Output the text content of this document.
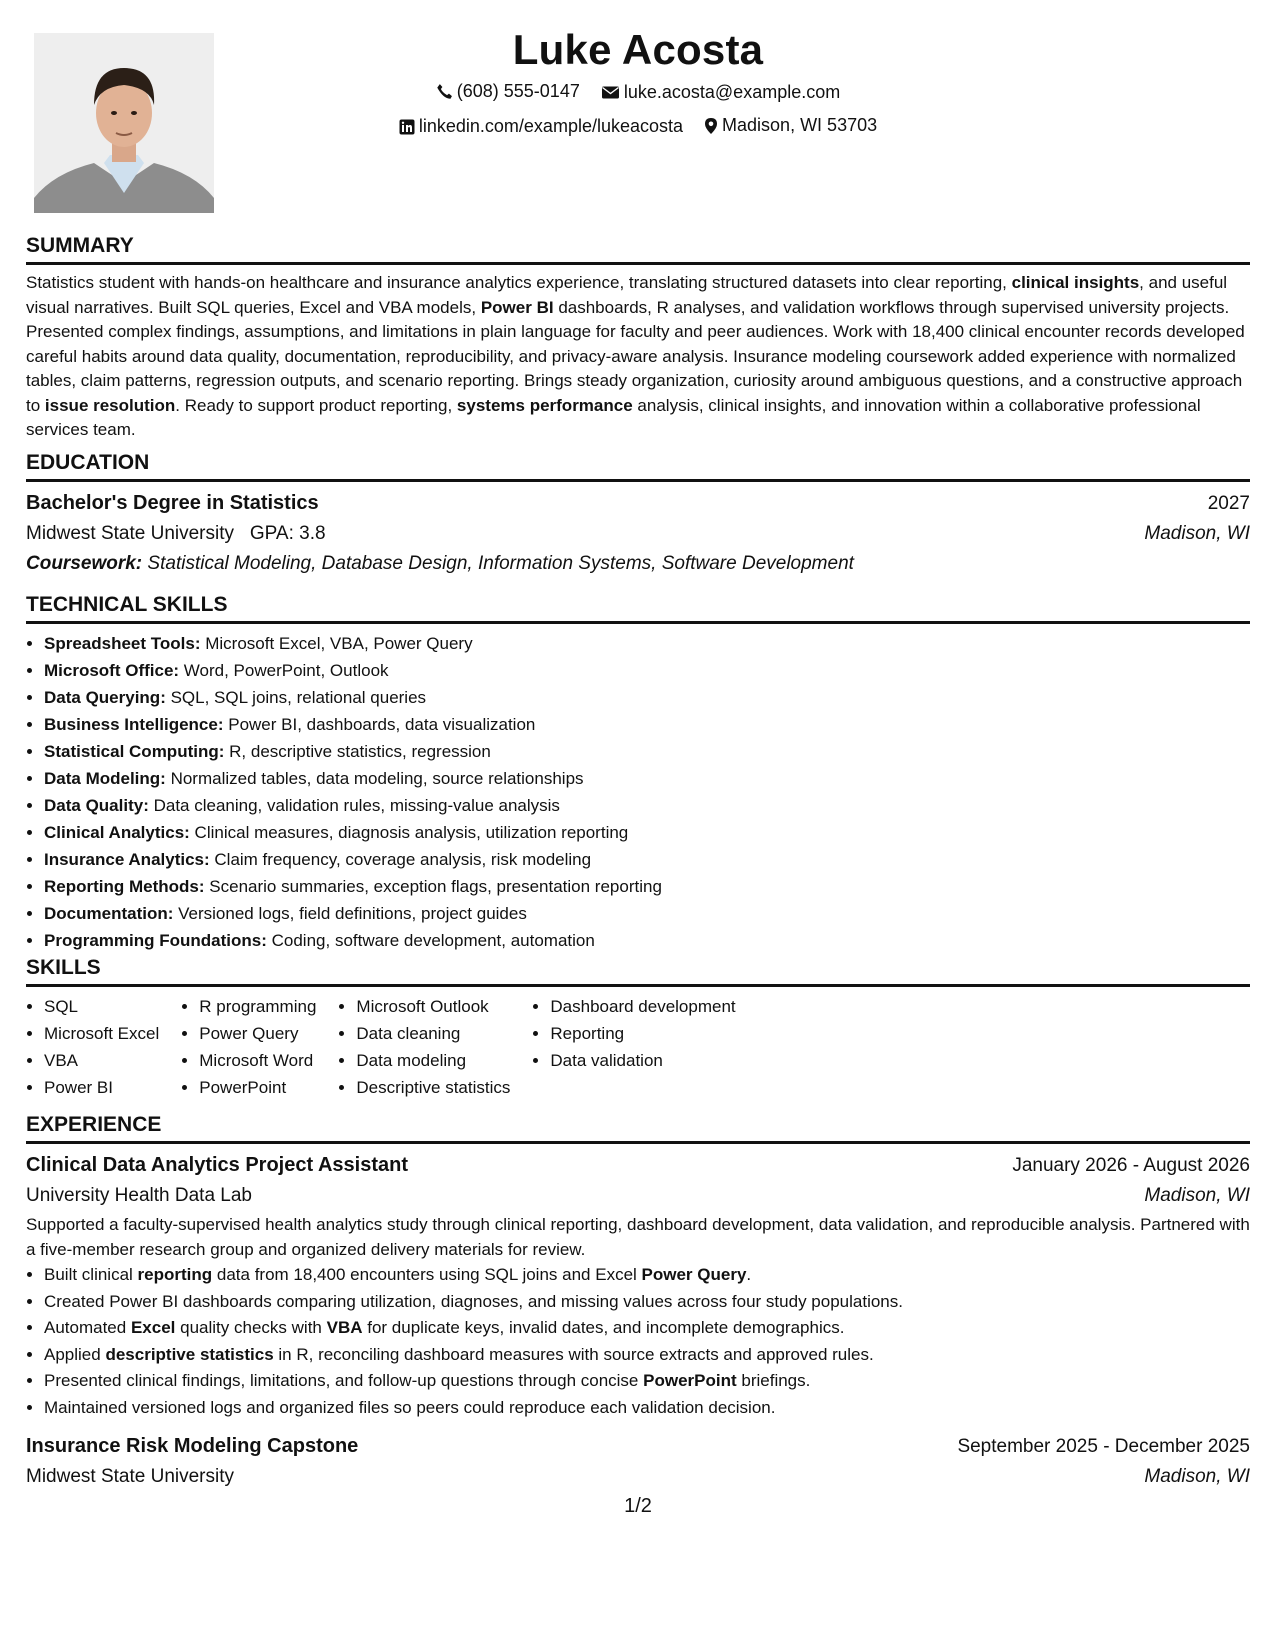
Luke Acosta
(608) 555-0147
luke.acosta@example.com
linkedin.com/example/lukeacosta
Madison, WI 53703
SUMMARY

Statistics student with hands-on healthcare and insurance analytics experience, translating structured datasets into clear reporting, clinical insights, and useful visual narratives. Built SQL queries, Excel and VBA models, Power BI dashboards, R analyses, and validation workflows through supervised university projects. Presented complex findings, assumptions, and limitations in plain language for faculty and peer audiences. Work with 18,400 clinical encounter records developed careful habits around data quality, documentation, reproducibility, and privacy-aware analysis. Insurance modeling coursework added experience with normalized tables, claim patterns, regression outputs, and scenario reporting. Brings steady organization, curiosity around ambiguous questions, and a constructive approach to issue resolution. Ready to support product reporting, systems performance analysis, clinical insights, and innovation within a collaborative professional services team.

EDUCATION
Bachelor's Degree in Statistics	2027
Midwest State University GPA: 3.8	Madison, WI
Coursework: Statistical Modeling, Database Design, Information Systems, Software Development
TECHNICAL SKILLS
• Spreadsheet Tools: Microsoft Excel, VBA, Power Query
• Microsoft Office: Word, PowerPoint, Outlook
• Data Querying: SQL, SQL joins, relational queries
• Business Intelligence: Power BI, dashboards, data visualization
• Statistical Computing: R, descriptive statistics, regression
• Data Modeling: Normalized tables, data modeling, source relationships
• Data Quality: Data cleaning, validation rules, missing-value analysis
• Clinical Analytics: Clinical measures, diagnosis analysis, utilization reporting
• Insurance Analytics: Claim frequency, coverage analysis, risk modeling
• Reporting Methods: Scenario summaries, exception flags, presentation reporting
• Documentation: Versioned logs, field definitions, project guides
• Programming Foundations: Coding, software development, automation
SKILLS
• SQL
• Microsoft Excel
• VBA
• Power BI
• R programming
• Power Query
• Microsoft Word
• PowerPoint
• Microsoft Outlook
• Data cleaning
• Data modeling
• Descriptive statistics
• Dashboard development
• Reporting
• Data validation
EXPERIENCE
Clinical Data Analytics Project Assistant	January 2026 - August 2026
University Health Data Lab	Madison, WI

Supported a faculty-supervised health analytics study through clinical reporting, dashboard development, data validation, and reproducible analysis. Partnered with a five-member research group and organized delivery materials for review.

• Built clinical reporting data from 18,400 encounters using SQL joins and Excel Power Query.
• Created Power BI dashboards comparing utilization, diagnoses, and missing values across four study populations.
• Automated Excel quality checks with VBA for duplicate keys, invalid dates, and incomplete demographics.
• Applied descriptive statistics in R, reconciling dashboard measures with source extracts and approved rules.
• Presented clinical findings, limitations, and follow-up questions through concise PowerPoint briefings.
• Maintained versioned logs and organized files so peers could reproduce each validation decision.
Insurance Risk Modeling Capstone	September 2025 - December 2025
Midwest State University	Madison, WI
1/2
